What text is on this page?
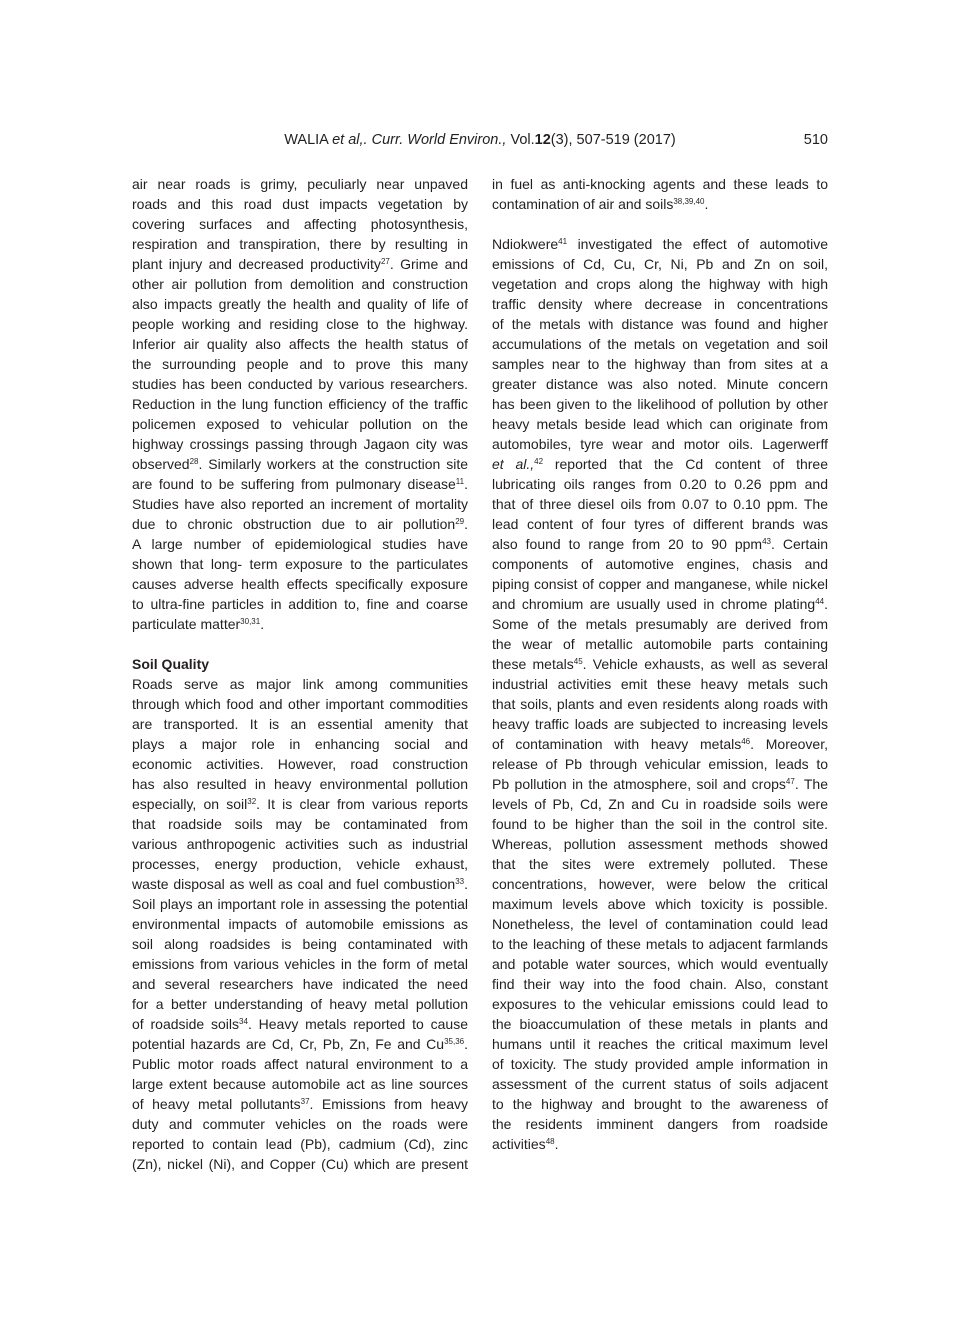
WALIA et al,. Curr. World Environ., Vol.12(3), 507-519 (2017)	510
air near roads is grimy, peculiarly near unpaved
roads and this road dust impacts vegetation by
covering surfaces and affecting photosynthesis,
respiration and transpiration, there by resulting in
plant injury and decreased productivity$^{27}$. Grime and
other air pollution from demolition and construction
also impacts greatly the health and quality of life of
people working and residing close to the highway.
Inferior air quality also affects the health status of
the surrounding people and to prove this many
studies has been conducted by various researchers.
Reduction in the lung function efficiency of the traffic
policemen exposed to vehicular pollution on the
highway crossings passing through Jagaon city was
observed$^{28}$. Similarly workers at the construction site
are found to be suffering from pulmonary disease$^{11}$.
Studies have also reported an increment of mortality
due to chronic obstruction due to air pollution$^{29}$.
A large number of epidemiological studies have
shown that long- term exposure to the particulates
causes adverse health effects specifically exposure
to ultra-fine particles in addition to, fine and coarse
particulate matter$^{30,31}$.
Soil Quality
Roads serve as major link among communities
through which food and other important commodities
are transported. It is an essential amenity that
plays a major role in enhancing social and
economic activities. However, road construction
has also resulted in heavy environmental pollution
especially, on soil$^{32}$. It is clear from various reports
that roadside soils may be contaminated from
various anthropogenic activities such as industrial
processes, energy production, vehicle exhaust,
waste disposal as well as coal and fuel combustion$^{33}$.
Soil plays an important role in assessing the potential
environmental impacts of automobile emissions as
soil along roadsides is being contaminated with
emissions from various vehicles in the form of metal
and several researchers have indicated the need
for a better understanding of heavy metal pollution
of roadside soils$^{34}$. Heavy metals reported to cause
potential hazards are Cd, Cr, Pb, Zn, Fe and Cu$^{35,36}$.
Public motor roads affect natural environment to a
large extent because automobile act as line sources
of heavy metal pollutants$^{37}$. Emissions from heavy
duty and commuter vehicles on the roads were
reported to contain lead (Pb), cadmium (Cd), zinc
(Zn), nickel (Ni), and Copper (Cu) which are present
in fuel as anti-knocking agents and these leads to
contamination of air and soils$^{38,39,40}$.
Ndiokwere$^{41}$ investigated the effect of automotive
emissions of Cd, Cu, Cr, Ni, Pb and Zn on soil,
vegetation and crops along the highway with high
traffic density where decrease in concentrations
of the metals with distance was found and higher
accumulations of the metals on vegetation and soil
samples near to the highway than from sites at a
greater distance was also noted. Minute concern
has been given to the likelihood of pollution by other
heavy metals beside lead which can originate from
automobiles, tyre wear and motor oils. Lagerwerff
et al.,$^{42}$ reported that the Cd content of three
lubricating oils ranges from 0.20 to 0.26 ppm and
that of three diesel oils from 0.07 to 0.10 ppm. The
lead content of four tyres of different brands was
also found to range from 20 to 90 ppm$^{43}$. Certain
components of automotive engines, chasis and
piping consist of copper and manganese, while nickel
and chromium are usually used in chrome plating$^{44}$.
Some of the metals presumably are derived from
the wear of metallic automobile parts containing
these metals$^{45}$. Vehicle exhausts, as well as several
industrial activities emit these heavy metals such
that soils, plants and even residents along roads with
heavy traffic loads are subjected to increasing levels
of contamination with heavy metals$^{46}$. Moreover,
release of Pb through vehicular emission, leads to
Pb pollution in the atmosphere, soil and crops$^{47}$. The
levels of Pb, Cd, Zn and Cu in roadside soils were
found to be higher than the soil in the control site.
Whereas, pollution assessment methods showed
that the sites were extremely polluted. These
concentrations, however, were below the critical
maximum levels above which toxicity is possible.
Nonetheless, the level of contamination could lead
to the leaching of these metals to adjacent farmlands
and potable water sources, which would eventually
find their way into the food chain. Also, constant
exposures to the vehicular emissions could lead to
the bioaccumulation of these metals in plants and
humans until it reaches the critical maximum level
of toxicity. The study provided ample information in
assessment of the current status of soils adjacent
to the highway and brought to the awareness of
the residents imminent dangers from roadside
activities$^{48}$.
